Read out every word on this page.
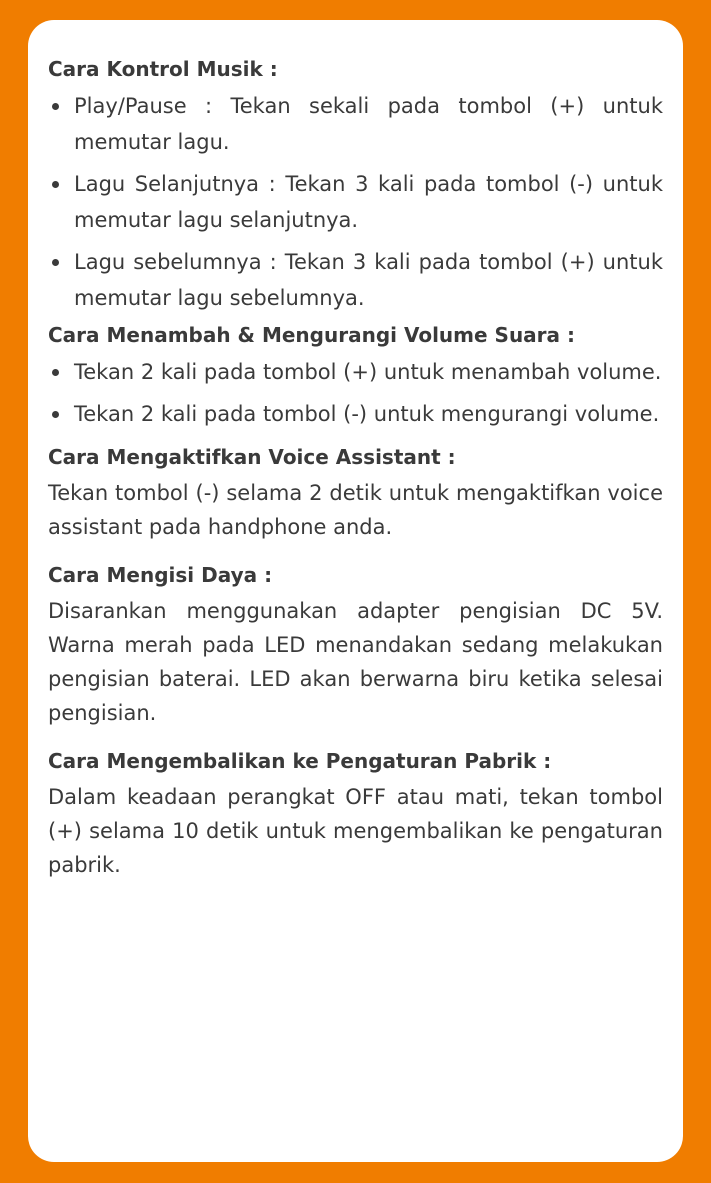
Cara Kontrol Musik :
Play/Pause : Tekan sekali pada tombol (+) untuk memutar lagu.
Lagu Selanjutnya : Tekan 3 kali pada tombol (-) untuk memutar lagu selanjutnya.
Lagu sebelumnya : Tekan 3 kali pada tombol (+) untuk memutar lagu sebelumnya.
Cara Menambah & Mengurangi Volume Suara :
Tekan 2 kali pada tombol (+) untuk menambah volume.
Tekan 2 kali pada tombol (-) untuk mengurangi volume.
Cara Mengaktifkan Voice Assistant :

Tekan tombol (-) selama 2 detik untuk mengaktifkan voice assistant pada handphone anda.

Cara Mengisi Daya :

Disarankan menggunakan adapter pengisian DC 5V. Warna merah pada LED menandakan sedang melakukan pengisian baterai. LED akan berwarna biru ketika selesai pengisian.

Cara Mengembalikan ke Pengaturan Pabrik :

Dalam keadaan perangkat OFF atau mati, tekan tombol (+) selama 10 detik untuk mengembalikan ke pengaturan pabrik.
